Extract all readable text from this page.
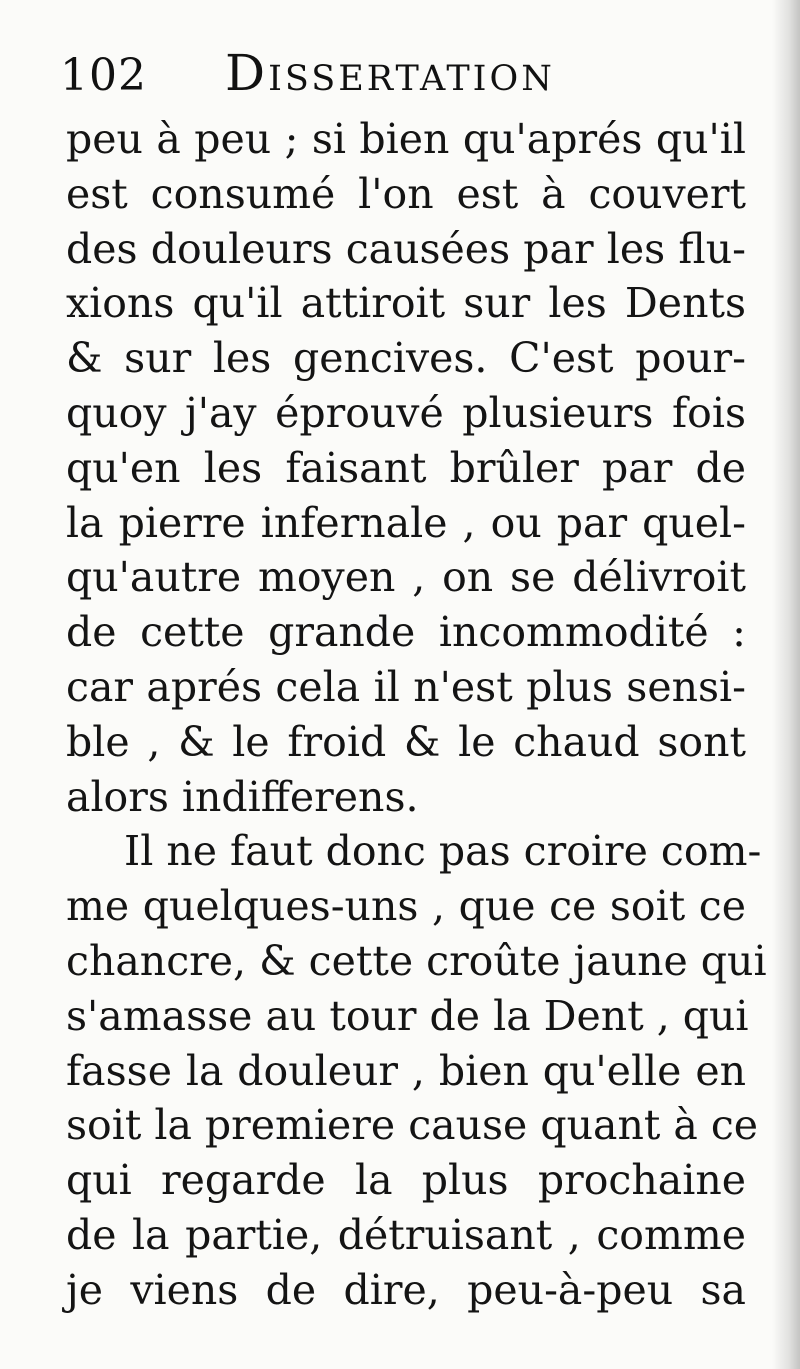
102 Dissertation
peu à peu ; si bien qu'aprés qu'il
est consumé l'on est à couvert
des douleurs causées par les flu-
xions qu'il attiroit sur les Dents
& sur les gencives. C'est pour-
quoy j'ay éprouvé plusieurs fois
qu'en les faisant brûler par de
la pierre infernale , ou par quel-
qu'autre moyen , on se délivroit
de cette grande incommodité :
car aprés cela il n'est plus sensi-
ble , & le froid & le chaud sont
alors indifferens.
Il ne faut donc pas croire com-
me quelques-uns , que ce soit ce
chancre, & cette croûte jaune qui
s'amasse au tour de la Dent , qui
fasse la douleur , bien qu'elle en
soit la premiere cause quant à ce
qui regarde la plus prochaine
de la partie, détruisant , comme
je viens de dire, peu-à-peu sa
